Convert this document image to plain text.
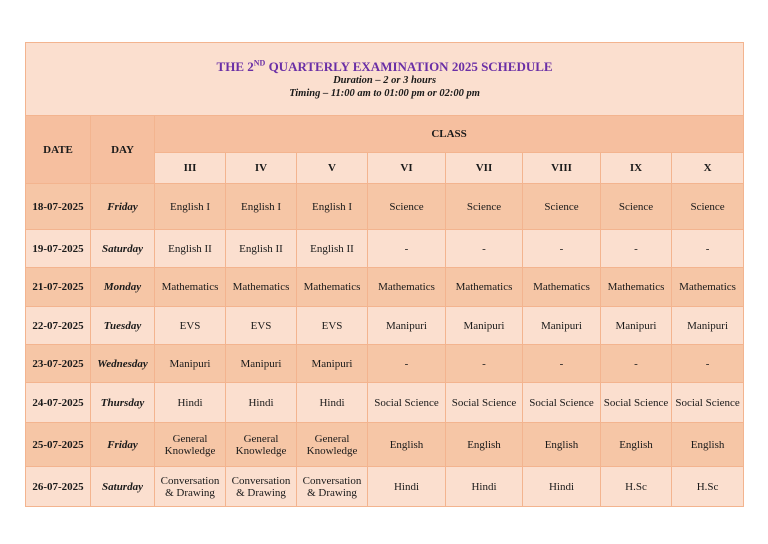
THE 2ND QUARTERLY EXAMINATION 2025 SCHEDULE
Duration – 2 or 3 hours
Timing – 11:00 am to 01:00 pm or 02:00 pm									

DATE	DAY	CLASS							
		III	IV	V	VI	VII	VIII	IX	X
18-07-2025	Friday	English I	English I	English I	Science	Science	Science	Science	Science
19-07-2025	Saturday	English II	English II	English II	-	-	-	-	-
21-07-2025	Monday	Mathematics	Mathematics	Mathematics	Mathematics	Mathematics	Mathematics	Mathematics	Mathematics
22-07-2025	Tuesday	EVS	EVS	EVS	Manipuri	Manipuri	Manipuri	Manipuri	Manipuri
23-07-2025	Wednesday	Manipuri	Manipuri	Manipuri	-	-	-	-	-
24-07-2025	Thursday	Hindi	Hindi	Hindi	Social Science	Social Science	Social Science	Social Science	Social Science
25-07-2025	Friday	General Knowledge	General Knowledge	General Knowledge	English	English	English	English	English
26-07-2025	Saturday	Conversation & Drawing	Conversation & Drawing	Conversation & Drawing	Hindi	Hindi	Hindi	H.Sc	H.Sc
